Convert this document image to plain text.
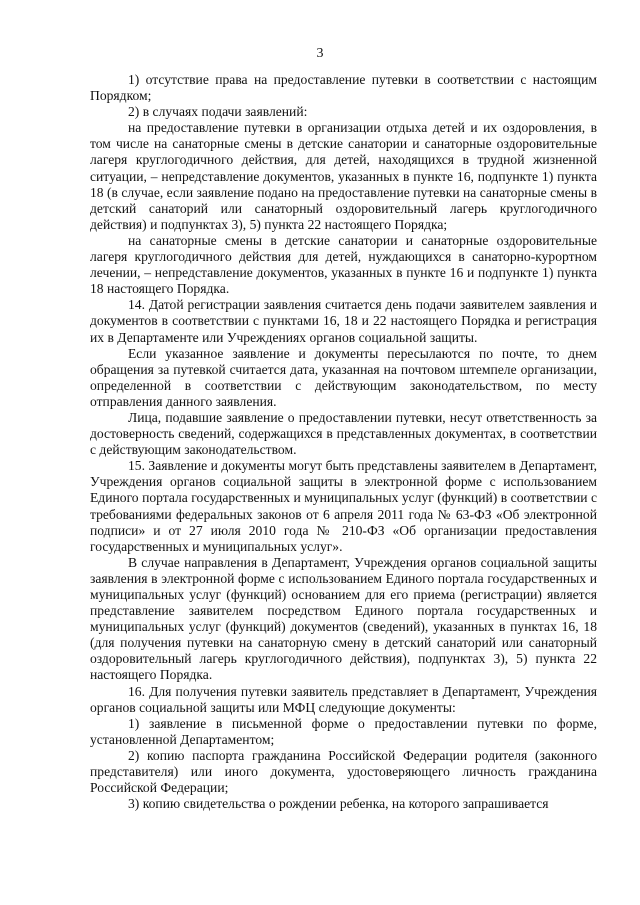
3

1) отсутствие права на предоставление путевки в соответствии с настоящим Порядком;

2) в случаях подачи заявлений:

на предоставление путевки в организации отдыха детей и их оздоровления, в том числе на санаторные смены в детские санатории и санаторные оздоровительные лагеря круглогодичного действия, для детей, находящихся в трудной жизненной ситуации, – непредставление документов, указанных в пункте 16, подпункте 1) пункта 18 (в случае, если заявление подано на предоставление путевки на санаторные смены в детский санаторий или санаторный оздоровительный лагерь круглогодичного действия) и подпунктах 3), 5) пункта 22 настоящего Порядка;

на санаторные смены в детские санатории и санаторные оздоровительные лагеря круглогодичного действия для детей, нуждающихся в санаторно-курортном лечении, – непредставление документов, указанных в пункте 16 и подпункте 1) пункта 18 настоящего Порядка.

14. Датой регистрации заявления считается день подачи заявителем заявления и документов в соответствии с пунктами 16, 18 и 22 настоящего Порядка и регистрация их в Департаменте или Учреждениях органов социальной защиты.

Если указанное заявление и документы пересылаются по почте, то днем обращения за путевкой считается дата, указанная на почтовом штемпеле организации, определенной в соответствии с действующим законодательством, по месту отправления данного заявления.

Лица, подавшие заявление о предоставлении путевки, несут ответственность за достоверность сведений, содержащихся в представленных документах, в соответствии с действующим законодательством.

15. Заявление и документы могут быть представлены заявителем в Департамент, Учреждения органов социальной защиты в электронной форме с использованием Единого портала государственных и муниципальных услуг (функций) в соответствии с требованиями федеральных законов от 6 апреля 2011 года № 63-ФЗ «Об электронной подписи» и от 27 июля 2010 года № 210-ФЗ «Об организации предоставления государственных и муниципальных услуг».

В случае направления в Департамент, Учреждения органов социальной защиты заявления в электронной форме с использованием Единого портала государственных и муниципальных услуг (функций) основанием для его приема (регистрации) является представление заявителем посредством Единого портала государственных и муниципальных услуг (функций) документов (сведений), указанных в пунктах 16, 18 (для получения путевки на санаторную смену в детский санаторий или санаторный оздоровительный лагерь круглогодичного действия), подпунктах 3), 5) пункта 22 настоящего Порядка.

16. Для получения путевки заявитель представляет в Департамент, Учреждения органов социальной защиты или МФЦ следующие документы:

1) заявление в письменной форме о предоставлении путевки по форме, установленной Департаментом;

2) копию паспорта гражданина Российской Федерации родителя (законного представителя) или иного документа, удостоверяющего личность гражданина Российской Федерации;

3) копию свидетельства о рождении ребенка, на которого запрашивается
